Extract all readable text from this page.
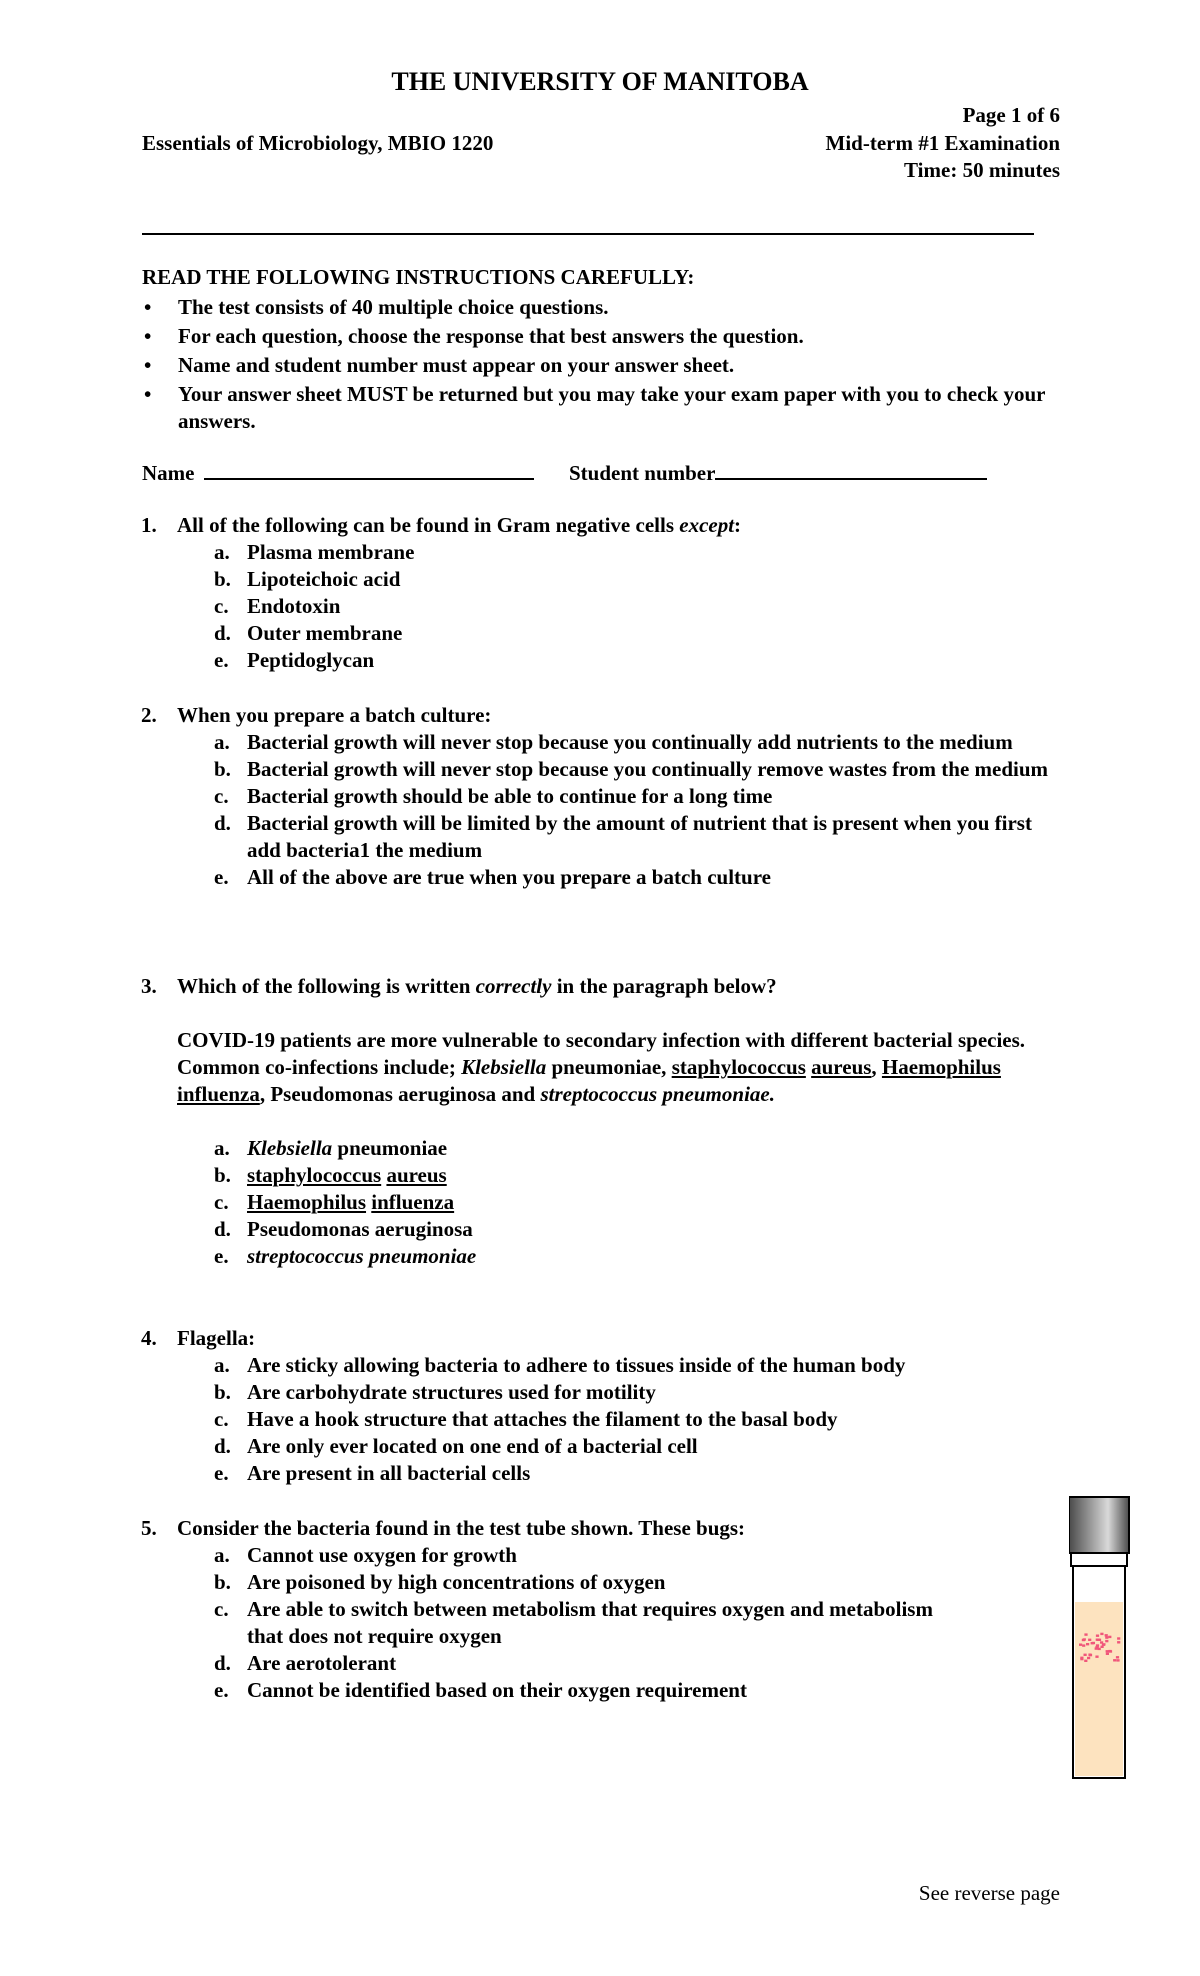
THE UNIVERSITY OF MANITOBA
Page 1 of 6
Essentials of Microbiology, MBIO 1220	Mid-term #1 Examination
Time: 50 minutes
READ THE FOLLOWING INSTRUCTIONS CAREFULLY:
• The test consists of 40 multiple choice questions.
• For each question, choose the response that best answers the question.
• Name and student number must appear on your answer sheet.
• Your answer sheet MUST be returned but you may take your exam paper with you to check your answers.
Name	Student number
1. All of the following can be found in Gram negative cells except:

a. Plasma membrane
b. Lipoteichoic acid
c. Endotoxin
d. Outer membrane
e. Peptidoglycan
2. When you prepare a batch culture:

a. Bacterial growth will never stop because you continually add nutrients to the medium
b. Bacterial growth will never stop because you continually remove wastes from the medium
c. Bacterial growth should be able to continue for a long time
d. Bacterial growth will be limited by the amount of nutrient that is present when you first add bacteria1 the medium
e. All of the above are true when you prepare a batch culture
3. Which of the following is written correctly in the paragraph below?

COVID-19 patients are more vulnerable to secondary infection with different bacterial species. Common co-infections include; Klebsiella pneumoniae, staphylococcus aureus, Haemophilus influenza, Pseudomonas aeruginosa and streptococcus pneumoniae.

a. Klebsiella pneumoniae
b. staphylococcus aureus
c. Haemophilus influenza
d. Pseudomonas aeruginosa
e. streptococcus pneumoniae
4. Flagella:

a. Are sticky allowing bacteria to adhere to tissues inside of the human body
b. Are carbohydrate structures used for motility
c. Have a hook structure that attaches the filament to the basal body
d. Are only ever located on one end of a bacterial cell
e. Are present in all bacterial cells
5. Consider the bacteria found in the test tube shown. These bugs:

a. Cannot use oxygen for growth
b. Are poisoned by high concentrations of oxygen
c. Are able to switch between metabolism that requires oxygen and metabolism that does not require oxygen
d. Are aerotolerant
e. Cannot be identified based on their oxygen requirement
See reverse page
